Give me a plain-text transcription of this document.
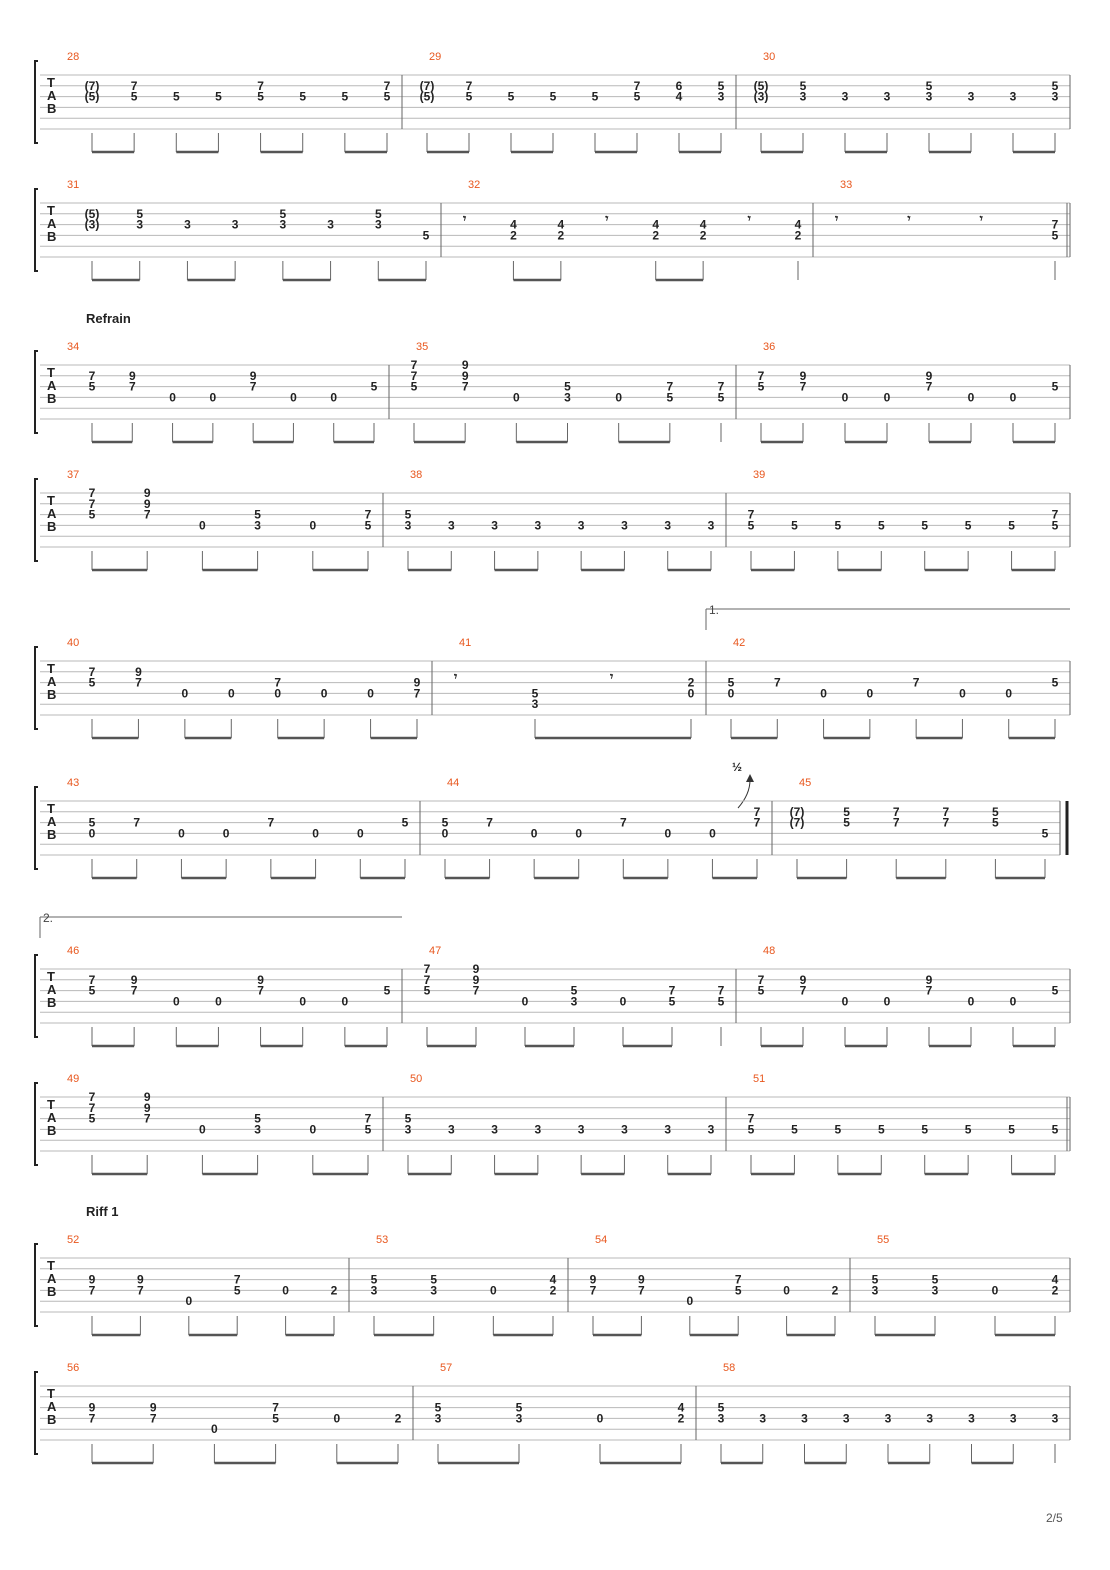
Refrain
Riff 1
1.
2.
½
2/5
T
A
B
28
(7)
(5)
7
5	5	5
7
5	5	5
7
5
29
(7)
(5)
7
5	5	5	5
7
5
6
4
5
3
30
(5)
(3)
5
3	3	3
5
3	3	3
5
3
T
A
B
31
(5)
(3)
5
3	3	3
5
3	3
5
3
5
32
𝄾	4
2
4
2
𝄾	4
2
4
2
𝄾	4
2
33
𝄾	𝄾	𝄾	7
5
T
A
B
34
7
5
9
7
0	0
9
7
0	0
5
35
7
7
5
9
9
7
0
5
3	0
7
5
7
5
36
7
5
9
7
0	0
9
7
0	0
5
T
A
B
37
7
7
5
9
9
7
0
5
3	0
7
5
38
5
3	3	3	3	3	3	3	3
39
7
5	5	5	5	5	5	5
7
5
T
A
B
40
7
5
9
7
0	0
7
0	0	0
9
7
41
𝄾
5
3
𝄾	2
0
42
5
0
7
0	0
7
0	0
5
T
A
B
43
5
0
7
0	0
7
0	0
5
44
5
0
7
0	0
7
0	0
7
7
45
(7)
(7)
5
5
7
7
7
7
5
5
5
T
A
B
46
7
5
9
7
0	0
9
7
0	0
5
47
7
7
5
9
9
7
0
5
3	0
7
5
7
5
48
7
5
9
7
0	0
9
7
0	0
5
T
A
B
49
7
7
5
9
9
7
0
5
3	0
7
5
50
5
3	3	3	3	3	3	3	3
51
7
5	5	5	5	5	5	5	5
T
A
B
52
9
7
9
7
0
7
5	0	2
53
5
3
5
3	0
4
2
54
9
7
9
7
0
7
5	0	2
55
5
3
5
3	0
4
2
T
A
B
56
9
7
9
7
0
7
5	0	2
57
5
3
5
3	0
4
2
58
5
3	3	3	3	3	3	3	3	3
